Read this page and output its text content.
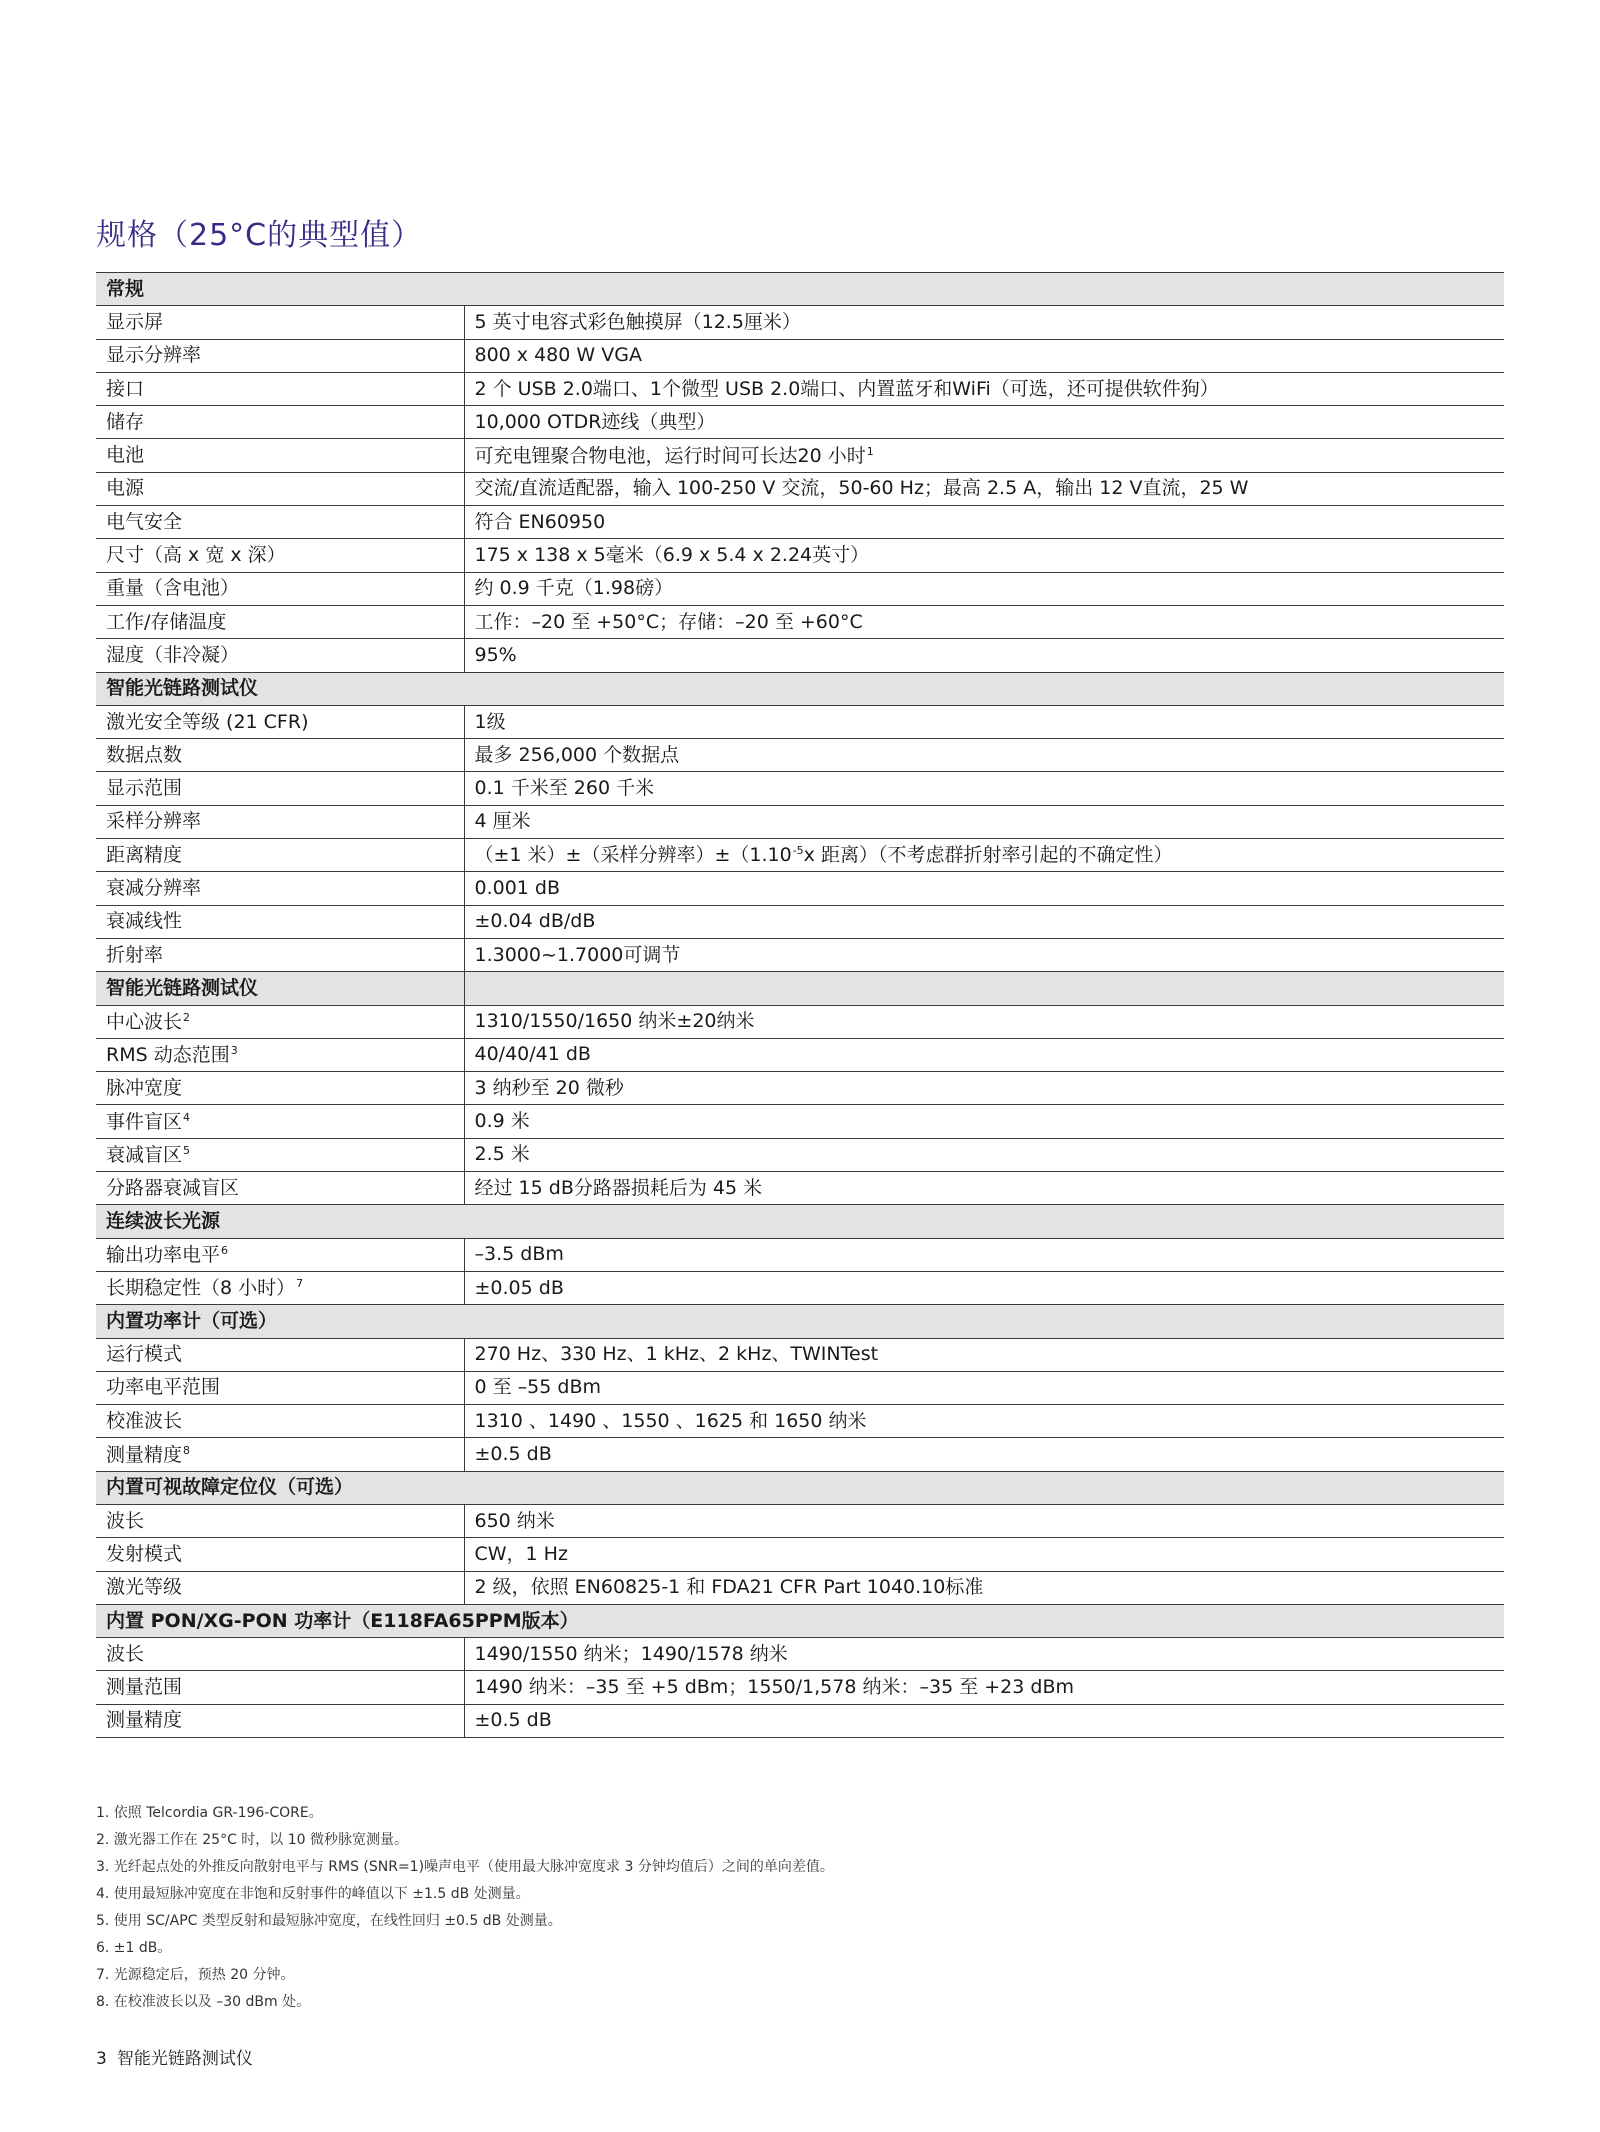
规格（25°C的典型值）
常规	
显示屏	5 英寸电容式彩色触摸屏（12.5厘米）
显示分辨率	800 x 480 W VGA
接口	2 个 USB 2.0端口、1个微型 USB 2.0端口、内置蓝牙和WiFi（可选，还可提供软件狗）
储存	10,000 OTDR迹线（典型）
电池	可充电锂聚合物电池，运行时间可长达20 小时$^1$
电源	交流/直流适配器，输入 100-250 V 交流，50-60 Hz；最高 2.5 A，输出 12 V直流，25 W
电气安全	符合 EN60950
尺寸（高 x 宽 x 深）	175 x 138 x 5毫米（6.9 x 5.4 x 2.24英寸）
重量（含电池）	约 0.9 千克（1.98磅）
工作/存储温度	工作：–20 至 +50°C；存储：–20 至 +60°C
湿度（非冷凝）	95%
智能光链路测试仪	
激光安全等级 (21 CFR)	1级
数据点数	最多 256,000 个数据点
显示范围	0.1 千米至 260 千米
采样分辨率	4 厘米
距离精度	（±1 米）±（采样分辨率）$\pm(1.10^{-5}x$ 距离）（不考虑群折射率引起的不确定性）
衰减分辨率	0.001 dB
衰减线性	±0.04 dB/dB
折射率	1.3000~1.7000可调节
智能光链路测试仪	
中心波长$^2$	1310/1550/1650 纳米±20纳米
RMS 动态范围$^3$	40/40/41 dB
脉冲宽度	3 纳秒至 20 微秒
事件盲区$^4$	0.9 米
衰减盲区$^5$	2.5 米
分路器衰减盲区	经过 15 dB分路器损耗后为 45 米
连续波长光源	
输出功率电平$^6$	–3.5 dBm
长期稳定性（8 小时）$^7$	±0.05 dB
内置功率计（可选）	
运行模式	270 Hz、330 Hz、1 kHz、2 kHz、TWINTest
功率电平范围	0 至 –55 dBm
校准波长	1310 、1490 、1550 、1625 和 1650 纳米
测量精度$^8$	±0.5 dB
内置可视故障定位仪（可选）	
波长	650 纳米
发射模式	CW，1 Hz
激光等级	2 级，依照 EN60825-1 和 FDA21 CFR Part 1040.10标准
内置 PON/XG-PON 功率计（E118FA65PPM版本）	
波长	1490/1550 纳米；1490/1578 纳米
测量范围	1490 纳米：–35 至 +5 dBm；1550/1,578 纳米：–35 至 +23 dBm
测量精度	±0.5 dB
1. 依照 Telcordia GR-196-CORE。
2. 激光器工作在 25°C 时，以 10 微秒脉宽测量。
3. 光纤起点处的外推反向散射电平与 RMS (SNR=1)噪声电平（使用最大脉冲宽度求 3 分钟均值后）之间的单向差值。
4. 使用最短脉冲宽度在非饱和反射事件的峰值以下 ±1.5 dB 处测量。
5. 使用 SC/APC 类型反射和最短脉冲宽度，在线性回归 ±0.5 dB 处测量。
6. ±1 dB。
7. 光源稳定后，预热 20 分钟。
8. 在校准波长以及 –30 dBm 处。
3 智能光链路测试仪
